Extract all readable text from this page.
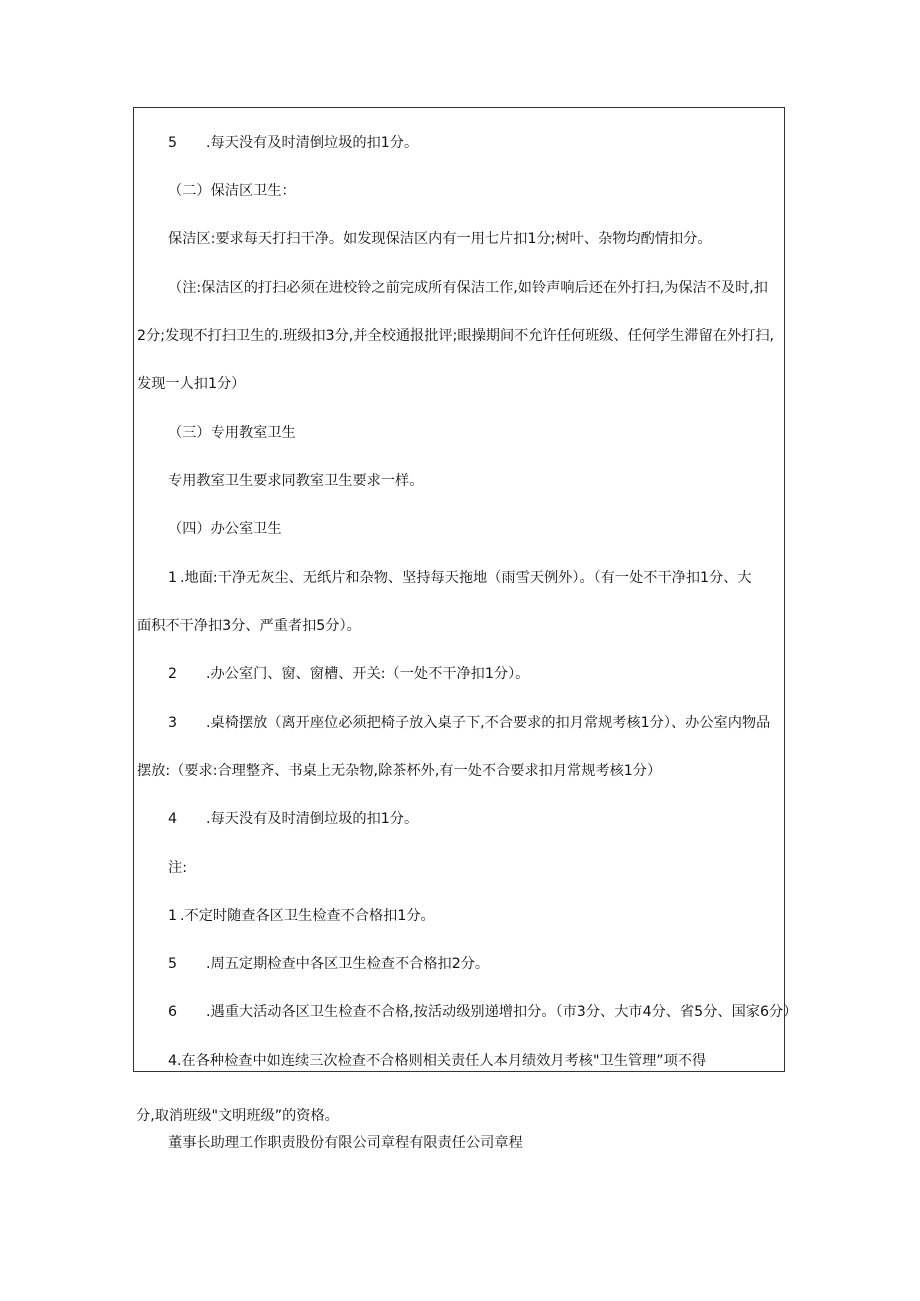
5 .每天没有及时清倒垃圾的扣1分。
（二）保洁区卫生：
保洁区:要求每天打扫干净。如发现保洁区内有一用七片扣1分;树叶、杂物均酌情扣分。
（注:保洁区的打扫必须在进校铃之前完成所有保洁工作,如铃声响后还在外打扫,为保洁不及时,扣
2分;发现不打扫卫生的.班级扣3分,并全校通报批评;眼操期间不允许任何班级、任何学生滞留在外打扫,
发现一人扣1分）
（三）专用教室卫生
专用教室卫生要求同教室卫生要求一样。
（四）办公室卫生
1 .地面:干净无灰尘、无纸片和杂物、坚持每天拖地（雨雪天例外）。（有一处不干净扣1分、大
面积不干净扣3分、严重者扣5分）。
2 .办公室门、窗、窗槽、开关:（一处不干净扣1分）。
3 .桌椅摆放（离开座位必须把椅子放入桌子下,不合要求的扣月常规考核1分）、办公室内物品
摆放:（要求:合理整齐、书桌上无杂物,除茶杯外,有一处不合要求扣月常规考核1分）
4 .每天没有及时清倒垃圾的扣1分。
注:
1 .不定时随查各区卫生检查不合格扣1分。
5 .周五定期检查中各区卫生检查不合格扣2分。
6 .遇重大活动各区卫生检查不合格,按活动级别递增扣分。（市3分、大市4分、省5分、国家6分）
4.在各种检查中如连续三次检查不合格则相关责任人本月绩效月考核"卫生管理”项不得
分,取消班级"文明班级”的资格。
董事长助理工作职责股份有限公司章程有限责任公司章程
